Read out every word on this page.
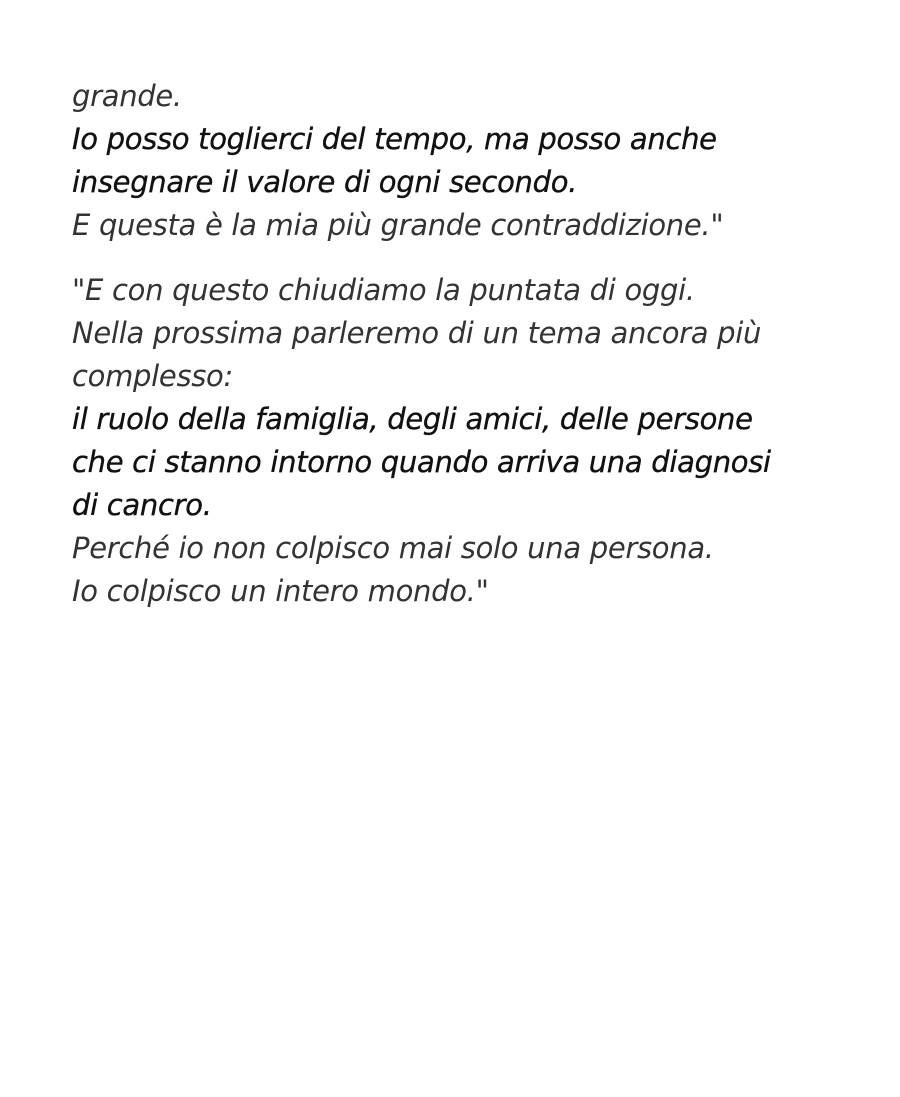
grande.
Io posso toglierci del tempo, ma posso anche
insegnare il valore di ogni secondo.
E questa è la mia più grande contraddizione."
"E con questo chiudiamo la puntata di oggi.
Nella prossima parleremo di un tema ancora più
complesso:
il ruolo della famiglia, degli amici, delle persone
che ci stanno intorno quando arriva una diagnosi
di cancro.
Perché io non colpisco mai solo una persona.
Io colpisco un intero mondo."
